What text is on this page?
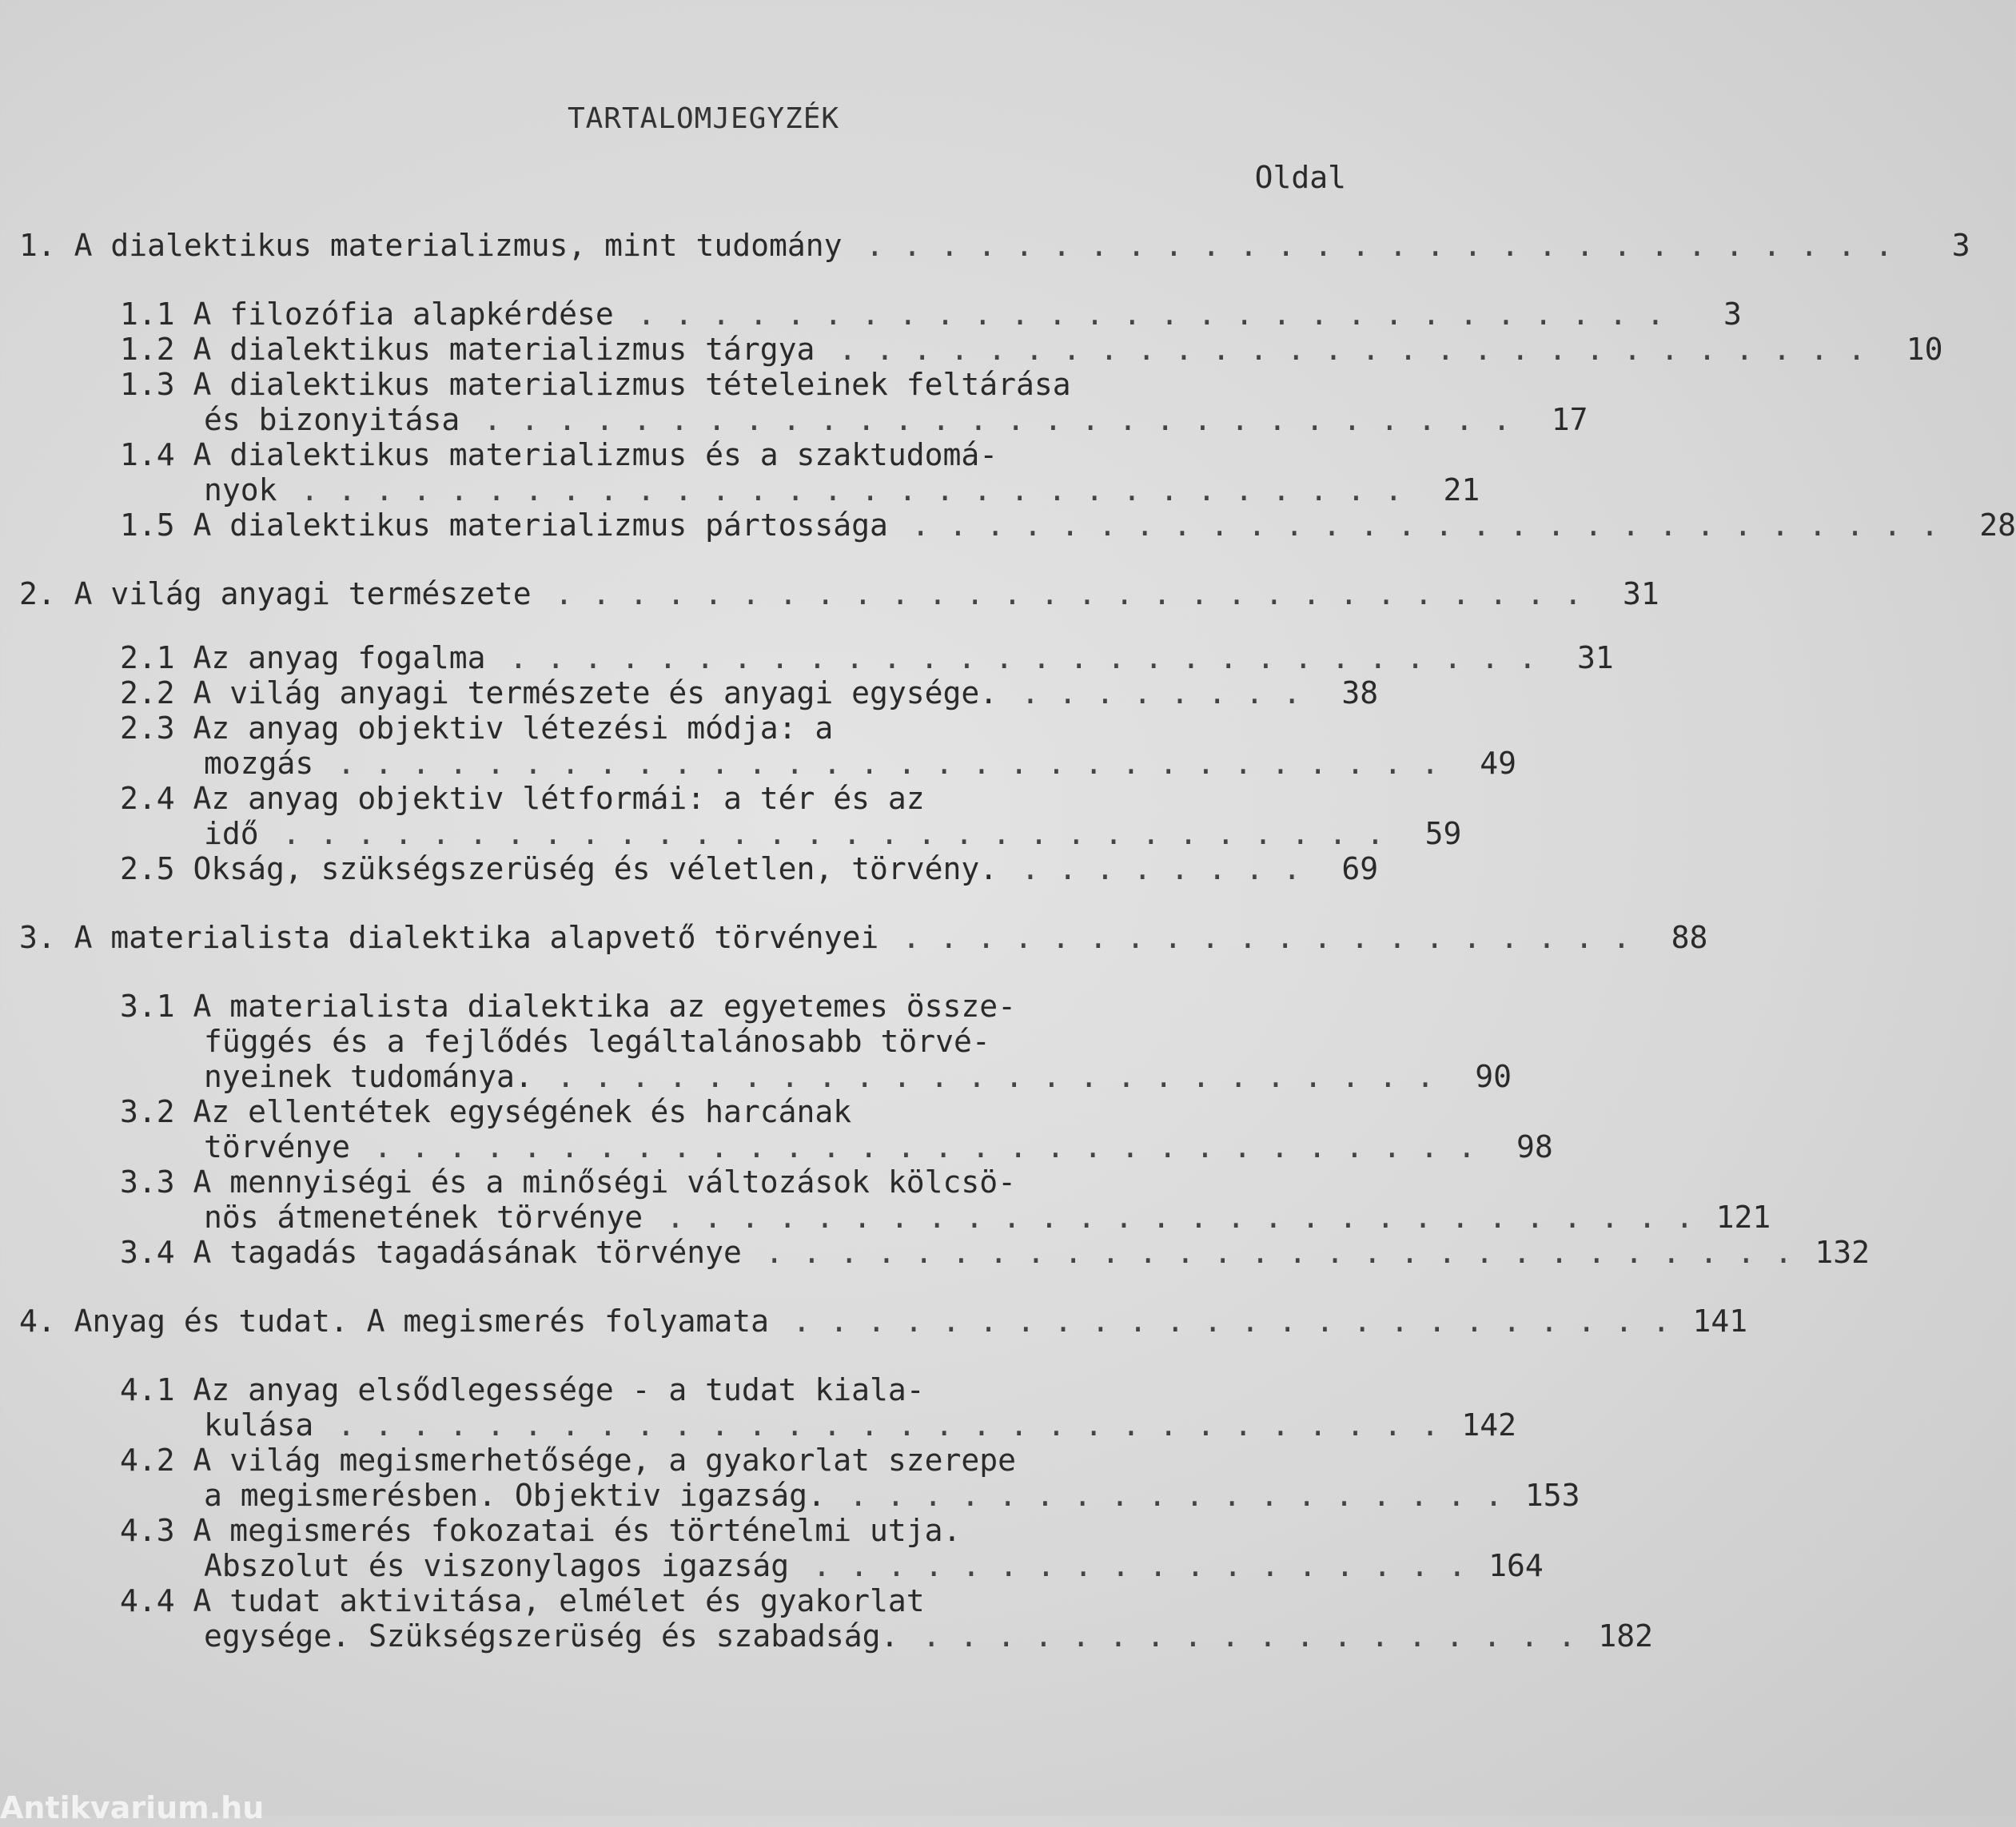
TARTALOMJEGYZÉK
Oldal
1. A dialektikus materializmus, mint tudomány . . . . . . . . . . . . . . . . . . . . . . . . . . . .	3
1.1 A filozófia alapkérdése . . . . . . . . . . . . . . . . . . . . . . . . . . . .	3
1.2 A dialektikus materializmus tárgya . . . . . . . . . . . . . . . . . . . . . . . . . . . .	10
1.3 A dialektikus materializmus tételeinek feltárása
és bizonyitása . . . . . . . . . . . . . . . . . . . . . . . . . . . .	17
1.4 A dialektikus materializmus és a szaktudomá-
nyok . . . . . . . . . . . . . . . . . . . . . . . . . . . . . .	21
1.5 A dialektikus materializmus pártossága . . . . . . . . . . . . . . . . . . . . . . . . . . . .	28
2. A világ anyagi természete . . . . . . . . . . . . . . . . . . . . . . . . . . . .	31
2.1 Az anyag fogalma . . . . . . . . . . . . . . . . . . . . . . . . . . . .	31
2.2 A világ anyagi természete és anyagi egysége. . . . . . . . .	38
2.3 Az anyag objektiv létezési módja: a
mozgás . . . . . . . . . . . . . . . . . . . . . . . . . . . . . .	49
2.4 Az anyag objektiv létformái: a tér és az
idő . . . . . . . . . . . . . . . . . . . . . . . . . . . . . .	59
2.5 Okság, szükségszerüség és véletlen, törvény. . . . . . . . .	69
3. A materialista dialektika alapvető törvényei . . . . . . . . . . . . . . . . . . . .	88
3.1 A materialista dialektika az egyetemes össze-
függés és a fejlődés legáltalánosabb törvé-
nyeinek tudománya. . . . . . . . . . . . . . . . . . . . . . . . .	90
3.2 Az ellentétek egységének és harcának
törvénye . . . . . . . . . . . . . . . . . . . . . . . . . . . . . .	98
3.3 A mennyiségi és a minőségi változások kölcsö-
nös átmenetének törvénye . . . . . . . . . . . . . . . . . . . . . . . . . . . . 121
3.4 A tagadás tagadásának törvénye . . . . . . . . . . . . . . . . . . . . . . . . . . . . 132
4. Anyag és tudat. A megismerés folyamata . . . . . . . . . . . . . . . . . . . . . . . . 141
4.1 Az anyag elsődlegessége - a tudat kiala-
kulása . . . . . . . . . . . . . . . . . . . . . . . . . . . . . . 142
4.2 A világ megismerhetősége, a gyakorlat szerepe
a megismerésben. Objektiv igazság. . . . . . . . . . . . . . . . . . . 153
4.3 A megismerés fokozatai és történelmi utja.
Abszolut és viszonylagos igazság . . . . . . . . . . . . . . . . . . 164
4.4 A tudat aktivitása, elmélet és gyakorlat
egysége. Szükségszerüség és szabadság. . . . . . . . . . . . . . . . . . . 182
Antikvarium.hu
